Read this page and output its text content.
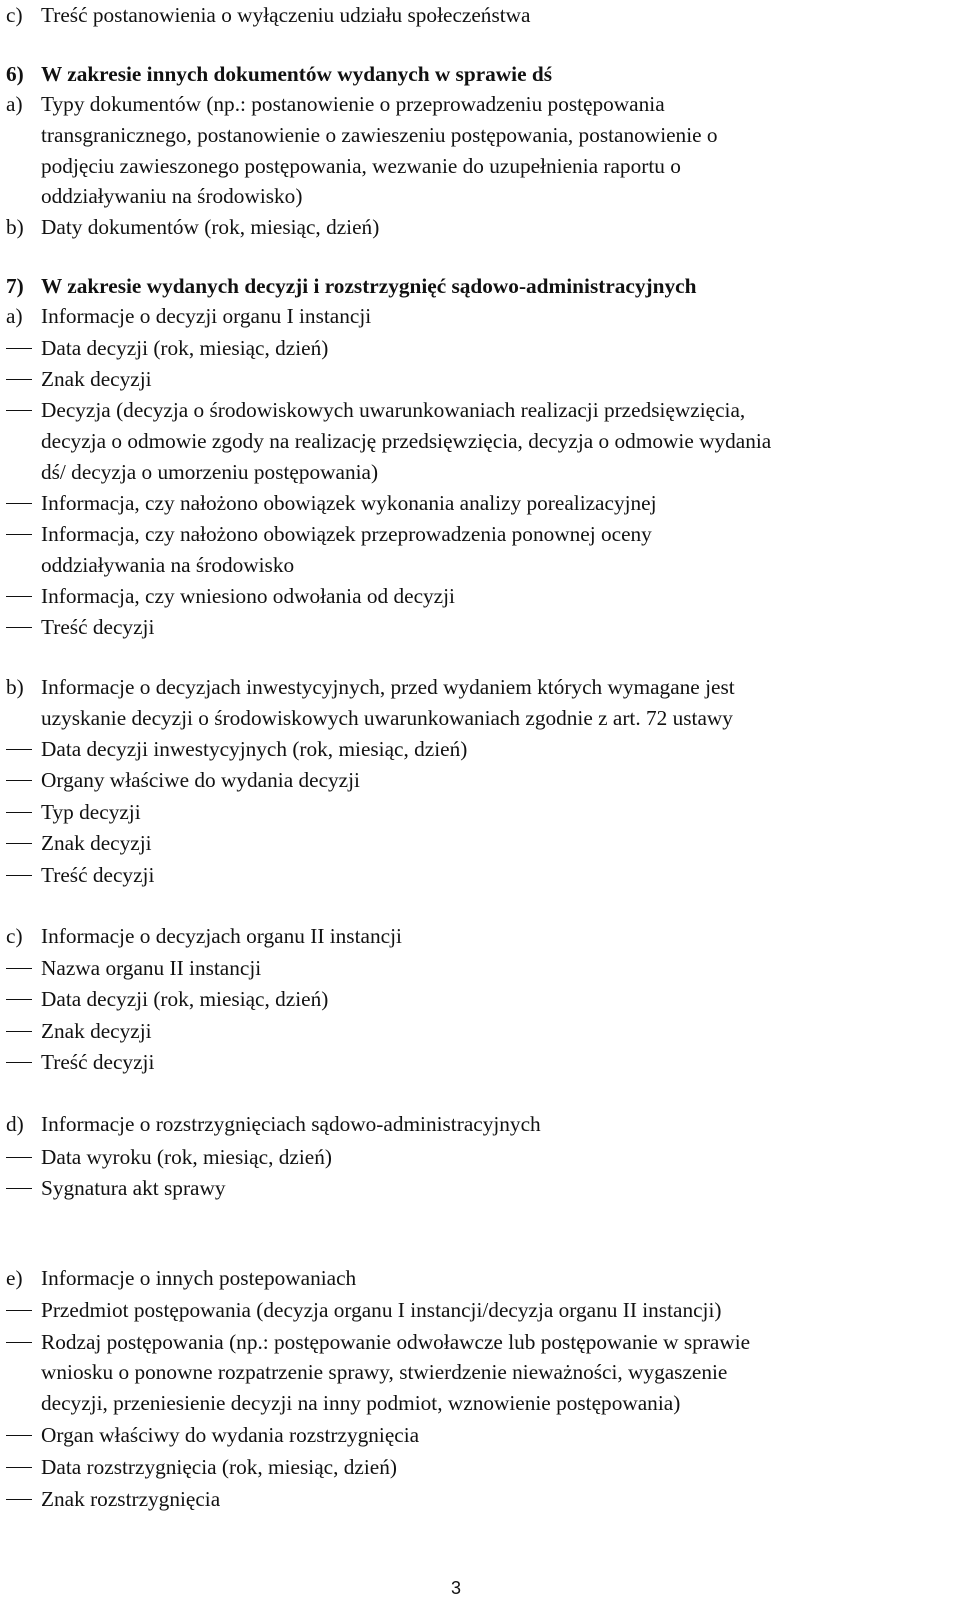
c) Treść postanowienia o wyłączeniu udziału społeczeństwa
6) W zakresie innych dokumentów wydanych w sprawie dś
a) Typy dokumentów (np.: postanowienie o przeprowadzeniu postępowania
transgranicznego, postanowienie o zawieszeniu postępowania, postanowienie o
podjęciu zawieszonego postępowania, wezwanie do uzupełnienia raportu o
oddziaływaniu na środowisko)
b) Daty dokumentów (rok, miesiąc, dzień)
7) W zakresie wydanych decyzji i rozstrzygnięć sądowo-administracyjnych
a) Informacje o decyzji organu I instancji
Data decyzji (rok, miesiąc, dzień)
Znak decyzji
Decyzja (decyzja o środowiskowych uwarunkowaniach realizacji przedsięwzięcia,
decyzja o odmowie zgody na realizację przedsięwzięcia, decyzja o odmowie wydania
dś/ decyzja o umorzeniu postępowania)
Informacja, czy nałożono obowiązek wykonania analizy porealizacyjnej
Informacja, czy nałożono obowiązek przeprowadzenia ponownej oceny
oddziaływania na środowisko
Informacja, czy wniesiono odwołania od decyzji
Treść decyzji
b) Informacje o decyzjach inwestycyjnych, przed wydaniem których wymagane jest
uzyskanie decyzji o środowiskowych uwarunkowaniach zgodnie z art. 72 ustawy
Data decyzji inwestycyjnych (rok, miesiąc, dzień)
Organy właściwe do wydania decyzji
Typ decyzji
Znak decyzji
Treść decyzji
c) Informacje o decyzjach organu II instancji
Nazwa organu II instancji
Data decyzji (rok, miesiąc, dzień)
Znak decyzji
Treść decyzji
d) Informacje o rozstrzygnięciach sądowo-administracyjnych
Data wyroku (rok, miesiąc, dzień)
Sygnatura akt sprawy
e) Informacje o innych postepowaniach
Przedmiot postępowania (decyzja organu I instancji/decyzja organu II instancji)
Rodzaj postępowania (np.: postępowanie odwoławcze lub postępowanie w sprawie
wniosku o ponowne rozpatrzenie sprawy, stwierdzenie nieważności, wygaszenie
decyzji, przeniesienie decyzji na inny podmiot, wznowienie postępowania)
Organ właściwy do wydania rozstrzygnięcia
Data rozstrzygnięcia (rok, miesiąc, dzień)
Znak rozstrzygnięcia
3
